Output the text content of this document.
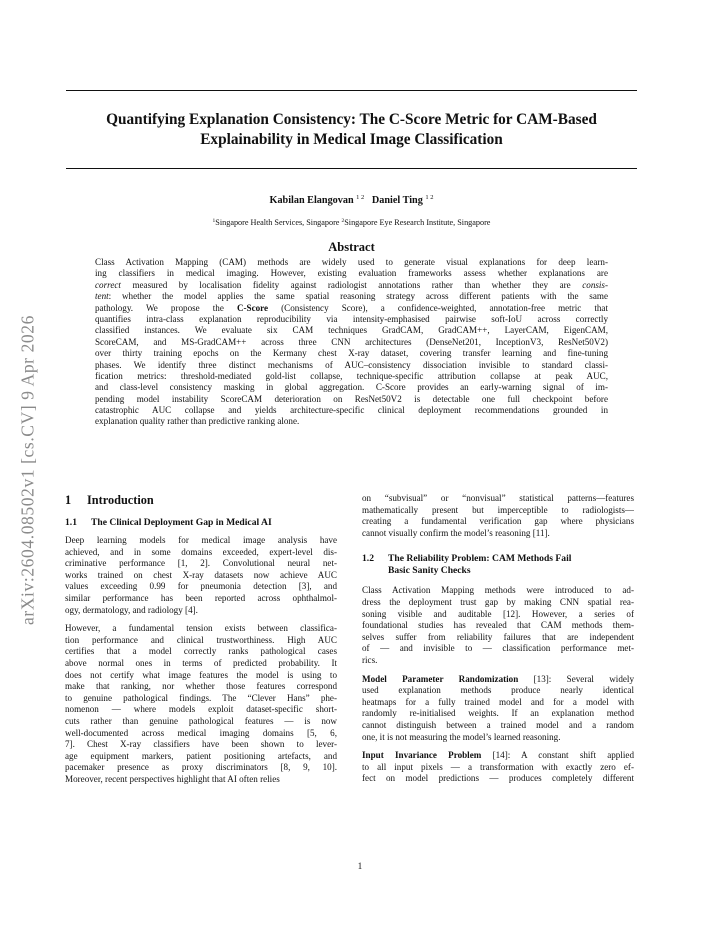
arXiv:2604.08502v1 [cs.CV] 9 Apr 2026
Quantifying Explanation Consistency: The C-Score Metric for CAM-Based
Explainability in Medical Image Classification
Kabilan Elangovan $^{1 2}$ Daniel Ting $^{1 2}$
$^1$Singapore Health Services, Singapore $^2$Singapore Eye Research Institute, Singapore
Abstract
Class Activation Mapping (CAM) methods are widely used to generate visual explanations for deep learn-
ing classifiers in medical imaging. However, existing evaluation frameworks assess whether explanations are
correct measured by localisation fidelity against radiologist annotations rather than whether they are consis-
tent: whether the model applies the same spatial reasoning strategy across different patients with the same
pathology. We propose the C-Score (Consistency Score), a confidence-weighted, annotation-free metric that
quantifies intra-class explanation reproducibility via intensity-emphasised pairwise soft-IoU across correctly
classified instances. We evaluate six CAM techniques GradCAM, GradCAM++, LayerCAM, EigenCAM,
ScoreCAM, and MS-GradCAM++ across three CNN architectures (DenseNet201, InceptionV3, ResNet50V2)
over thirty training epochs on the Kermany chest X-ray dataset, covering transfer learning and fine-tuning
phases. We identify three distinct mechanisms of AUC–consistency dissociation invisible to standard classi-
fication metrics: threshold-mediated gold-list collapse, technique-specific attribution collapse at peak AUC,
and class-level consistency masking in global aggregation. C-Score provides an early-warning signal of im-
pending model instability ScoreCAM deterioration on ResNet50V2 is detectable one full checkpoint before
catastrophic AUC collapse and yields architecture-specific clinical deployment recommendations grounded in
explanation quality rather than predictive ranking alone.
1 Introduction
1.1 The Clinical Deployment Gap in Medical AI
Deep learning models for medical image analysis have
achieved, and in some domains exceeded, expert-level dis-
criminative performance [1, 2]. Convolutional neural net-
works trained on chest X-ray datasets now achieve AUC
values exceeding 0.99 for pneumonia detection [3], and
similar performance has been reported across ophthalmol-
ogy, dermatology, and radiology [4].
However, a fundamental tension exists between classifica-
tion performance and clinical trustworthiness. High AUC
certifies that a model correctly ranks pathological cases
above normal ones in terms of predicted probability. It
does not certify what image features the model is using to
make that ranking, nor whether those features correspond
to genuine pathological findings. The “Clever Hans” phe-
nomenon — where models exploit dataset-specific short-
cuts rather than genuine pathological features — is now
well-documented across medical imaging domains [5, 6,
7]. Chest X-ray classifiers have been shown to lever-
age equipment markers, patient positioning artefacts, and
pacemaker presence as proxy discriminators [8, 9, 10].
Moreover, recent perspectives highlight that AI often relies
on “subvisual” or “nonvisual” statistical patterns—features
mathematically present but imperceptible to radiologists—
creating a fundamental verification gap where physicians
cannot visually confirm the model’s reasoning [11].
1.2 The Reliability Problem: CAM Methods Fail
Basic Sanity Checks
Class Activation Mapping methods were introduced to ad-
dress the deployment trust gap by making CNN spatial rea-
soning visible and auditable [12]. However, a series of
foundational studies has revealed that CAM methods them-
selves suffer from reliability failures that are independent
of — and invisible to — classification performance met-
rics.
Model Parameter Randomization [13]: Several widely
used explanation methods produce nearly identical
heatmaps for a fully trained model and for a model with
randomly re-initialised weights. If an explanation method
cannot distinguish between a trained model and a random
one, it is not measuring the model’s learned reasoning.
Input Invariance Problem [14]: A constant shift applied
to all input pixels — a transformation with exactly zero ef-
fect on model predictions — produces completely different
1
